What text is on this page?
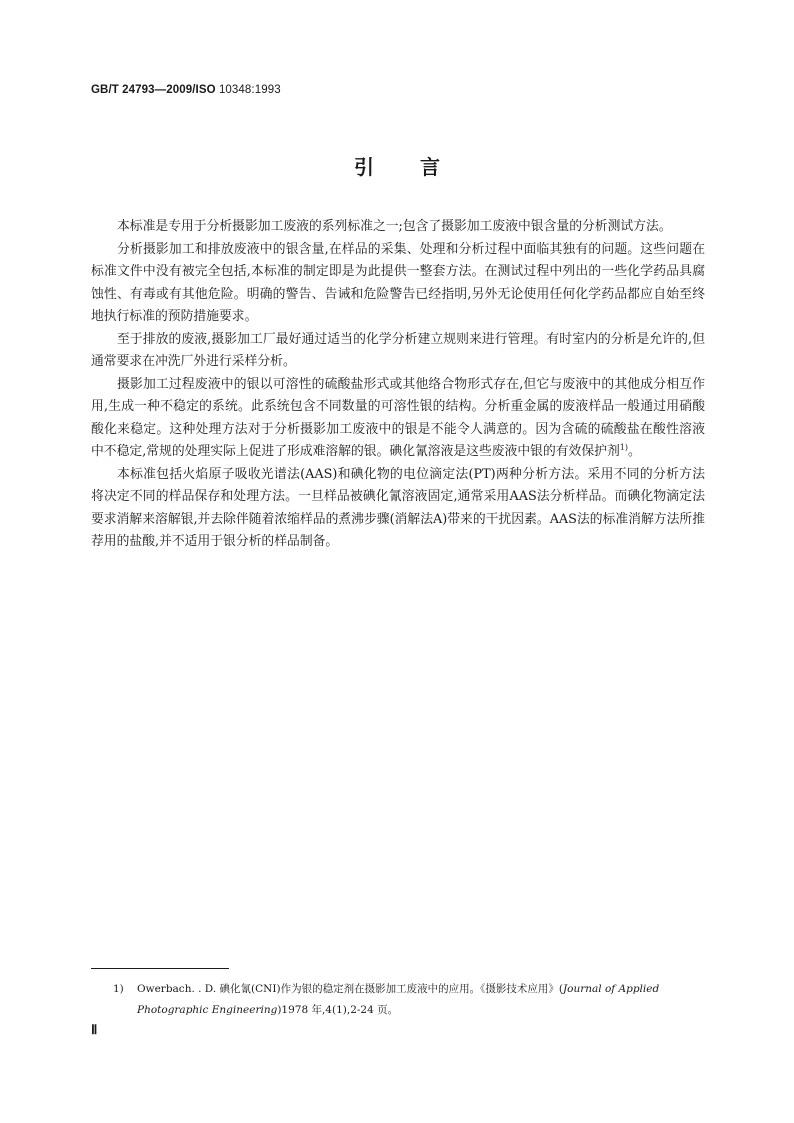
GB/T 24793—2009/ISO 10348:1993
引言

本标准是专用于分析摄影加工废液的系列标准之一;包含了摄影加工废液中银含量的分析测试方法。

分析摄影加工和排放废液中的银含量,在样品的采集、处理和分析过程中面临其独有的问题。这些问题在标准文件中没有被完全包括,本标准的制定即是为此提供一整套方法。在测试过程中列出的一些化学药品具腐蚀性、有毒或有其他危险。明确的警告、告诫和危险警告已经指明,另外无论使用任何化学药品都应自始至终地执行标准的预防措施要求。

至于排放的废液,摄影加工厂最好通过适当的化学分析建立规则来进行管理。有时室内的分析是允许的,但通常要求在冲洗厂外进行采样分析。

摄影加工过程废液中的银以可溶性的硫酸盐形式或其他络合物形式存在,但它与废液中的其他成分相互作用,生成一种不稳定的系统。此系统包含不同数量的可溶性银的结构。分析重金属的废液样品一般通过用硝酸酸化来稳定。这种处理方法对于分析摄影加工废液中的银是不能令人满意的。因为含硫的硫酸盐在酸性溶液中不稳定,常规的处理实际上促进了形成难溶解的银。碘化氰溶液是这些废液中银的有效保护剂$^{1)}$。

本标准包括火焰原子吸收光谱法(AAS)和碘化物的电位滴定法(PT)两种分析方法。采用不同的分析方法将决定不同的样品保存和处理方法。一旦样品被碘化氰溶液固定,通常采用AAS法分析样品。而碘化物滴定法要求消解来溶解银,并去除伴随着浓缩样品的煮沸步骤(消解法A)带来的干扰因素。AAS法的标准消解方法所推荐用的盐酸,并不适用于银分析的样品制备。

1) Owerbach. . D. 碘化氰(CNI)作为银的稳定剂在摄影加工废液中的应用。《摄影技术应用》(Journal of Applied
Photographic Engineering)1978 年,4(1),2-24 页。
Ⅱ
